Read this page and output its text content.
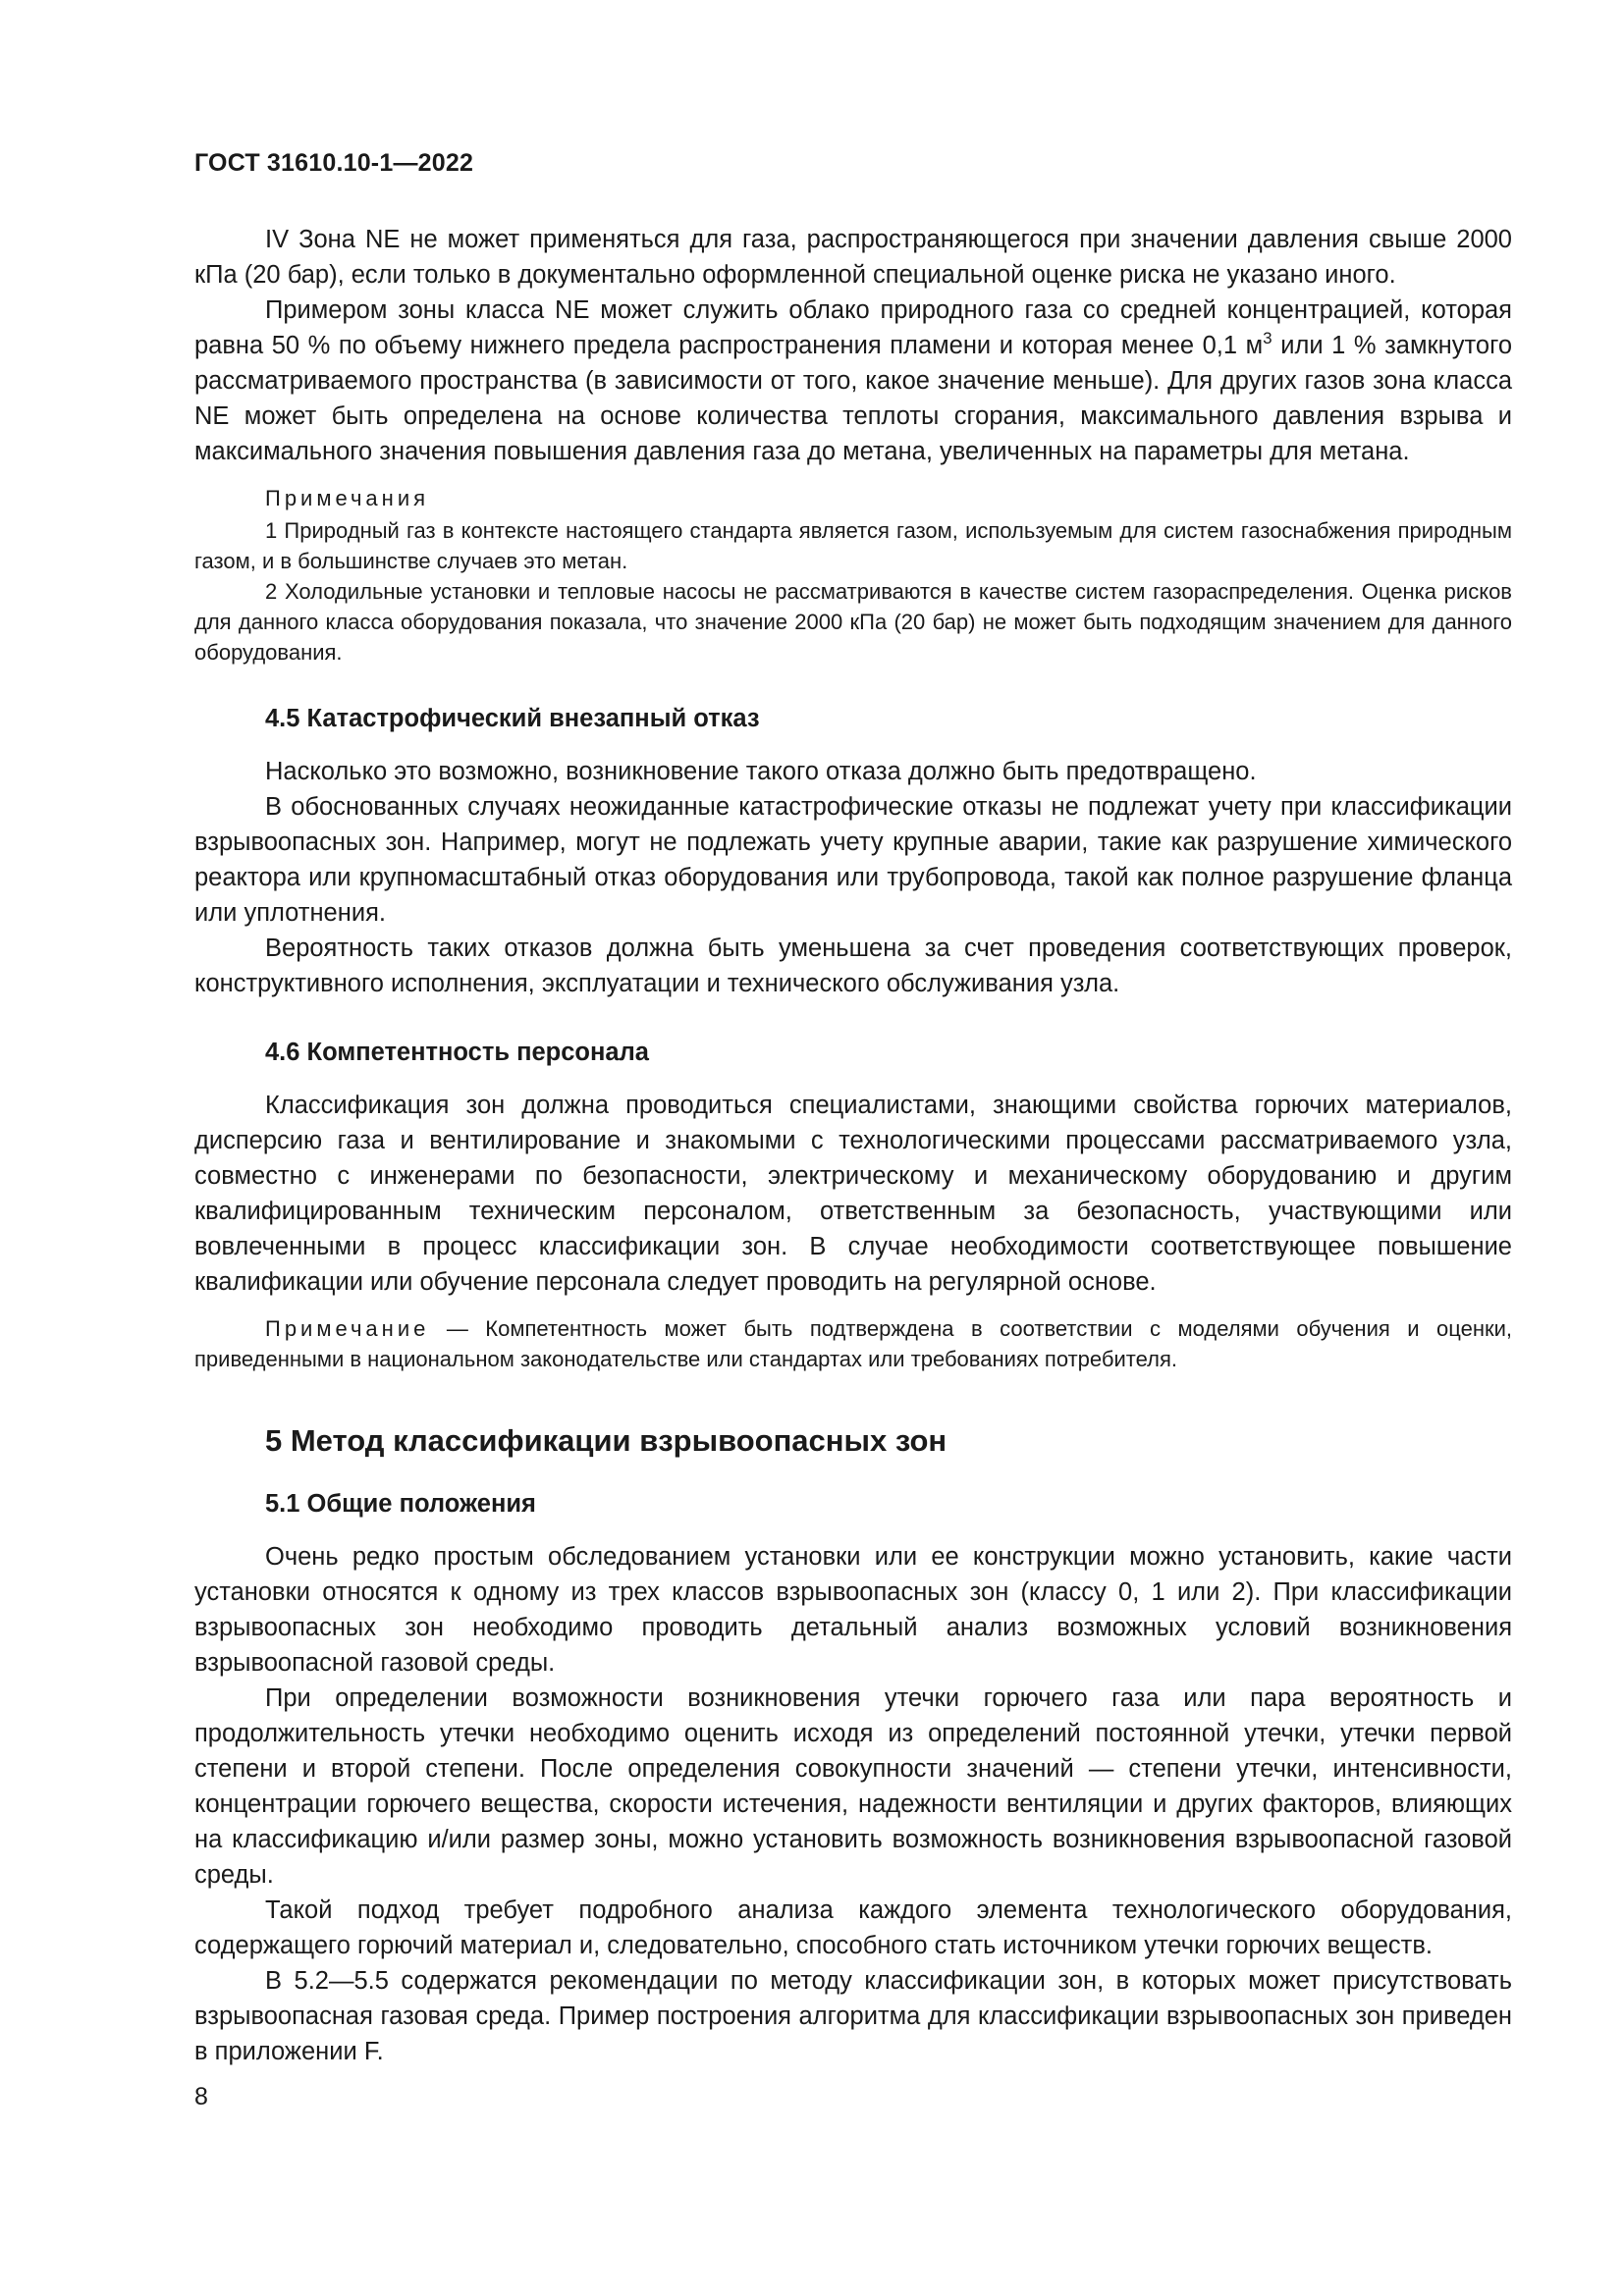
ГОСТ 31610.10-1—2022

IV Зона NE не может применяться для газа, распространяющегося при значении давления свыше 2000 кПа (20 бар), если только в документально оформленной специальной оценке риска не указано иного.

Примером зоны класса NE может служить облако природного газа со средней концентрацией, которая равна 50 % по объему нижнего предела распространения пламени и которая менее 0,1 $м^3$ или 1 % замкнутого рассматриваемого пространства (в зависимости от того, какое значение меньше). Для других газов зона класса NE может быть определена на основе количества теплоты сгорания, максимального давления взрыва и максимального значения повышения давления газа до метана, увеличенных на параметры для метана.

Примечания

1 Природный газ в контексте настоящего стандарта является газом, используемым для систем газоснабжения природным газом, и в большинстве случаев это метан.

2 Холодильные установки и тепловые насосы не рассматриваются в качестве систем газораспределения. Оценка рисков для данного класса оборудования показала, что значение 2000 кПа (20 бар) не может быть подходящим значением для данного оборудования.

4.5 Катастрофический внезапный отказ

Насколько это возможно, возникновение такого отказа должно быть предотвращено.

В обоснованных случаях неожиданные катастрофические отказы не подлежат учету при классификации взрывоопасных зон. Например, могут не подлежать учету крупные аварии, такие как разрушение химического реактора или крупномасштабный отказ оборудования или трубопровода, такой как полное разрушение фланца или уплотнения.

Вероятность таких отказов должна быть уменьшена за счет проведения соответствующих проверок, конструктивного исполнения, эксплуатации и технического обслуживания узла.

4.6 Компетентность персонала

Классификация зон должна проводиться специалистами, знающими свойства горючих материалов, дисперсию газа и вентилирование и знакомыми с технологическими процессами рассматриваемого узла, совместно с инженерами по безопасности, электрическому и механическому оборудованию и другим квалифицированным техническим персоналом, ответственным за безопасность, участвующими или вовлеченными в процесс классификации зон. В случае необходимости соответствующее повышение квалификации или обучение персонала следует проводить на регулярной основе.

Примечание — Компетентность может быть подтверждена в соответствии с моделями обучения и оценки, приведенными в национальном законодательстве или стандартах или требованиях потребителя.

5 Метод классификации взрывоопасных зон
5.1 Общие положения

Очень редко простым обследованием установки или ее конструкции можно установить, какие части установки относятся к одному из трех классов взрывоопасных зон (классу 0, 1 или 2). При классификации взрывоопасных зон необходимо проводить детальный анализ возможных условий возникновения взрывоопасной газовой среды.

При определении возможности возникновения утечки горючего газа или пара вероятность и продолжительность утечки необходимо оценить исходя из определений постоянной утечки, утечки первой степени и второй степени. После определения совокупности значений — степени утечки, интенсивности, концентрации горючего вещества, скорости истечения, надежности вентиляции и других факторов, влияющих на классификацию и/или размер зоны, можно установить возможность возникновения взрывоопасной газовой среды.

Такой подход требует подробного анализа каждого элемента технологического оборудования, содержащего горючий материал и, следовательно, способного стать источником утечки горючих веществ.

В 5.2—5.5 содержатся рекомендации по методу классификации зон, в которых может присутствовать взрывоопасная газовая среда. Пример построения алгоритма для классификации взрывоопасных зон приведен в приложении F.

8
